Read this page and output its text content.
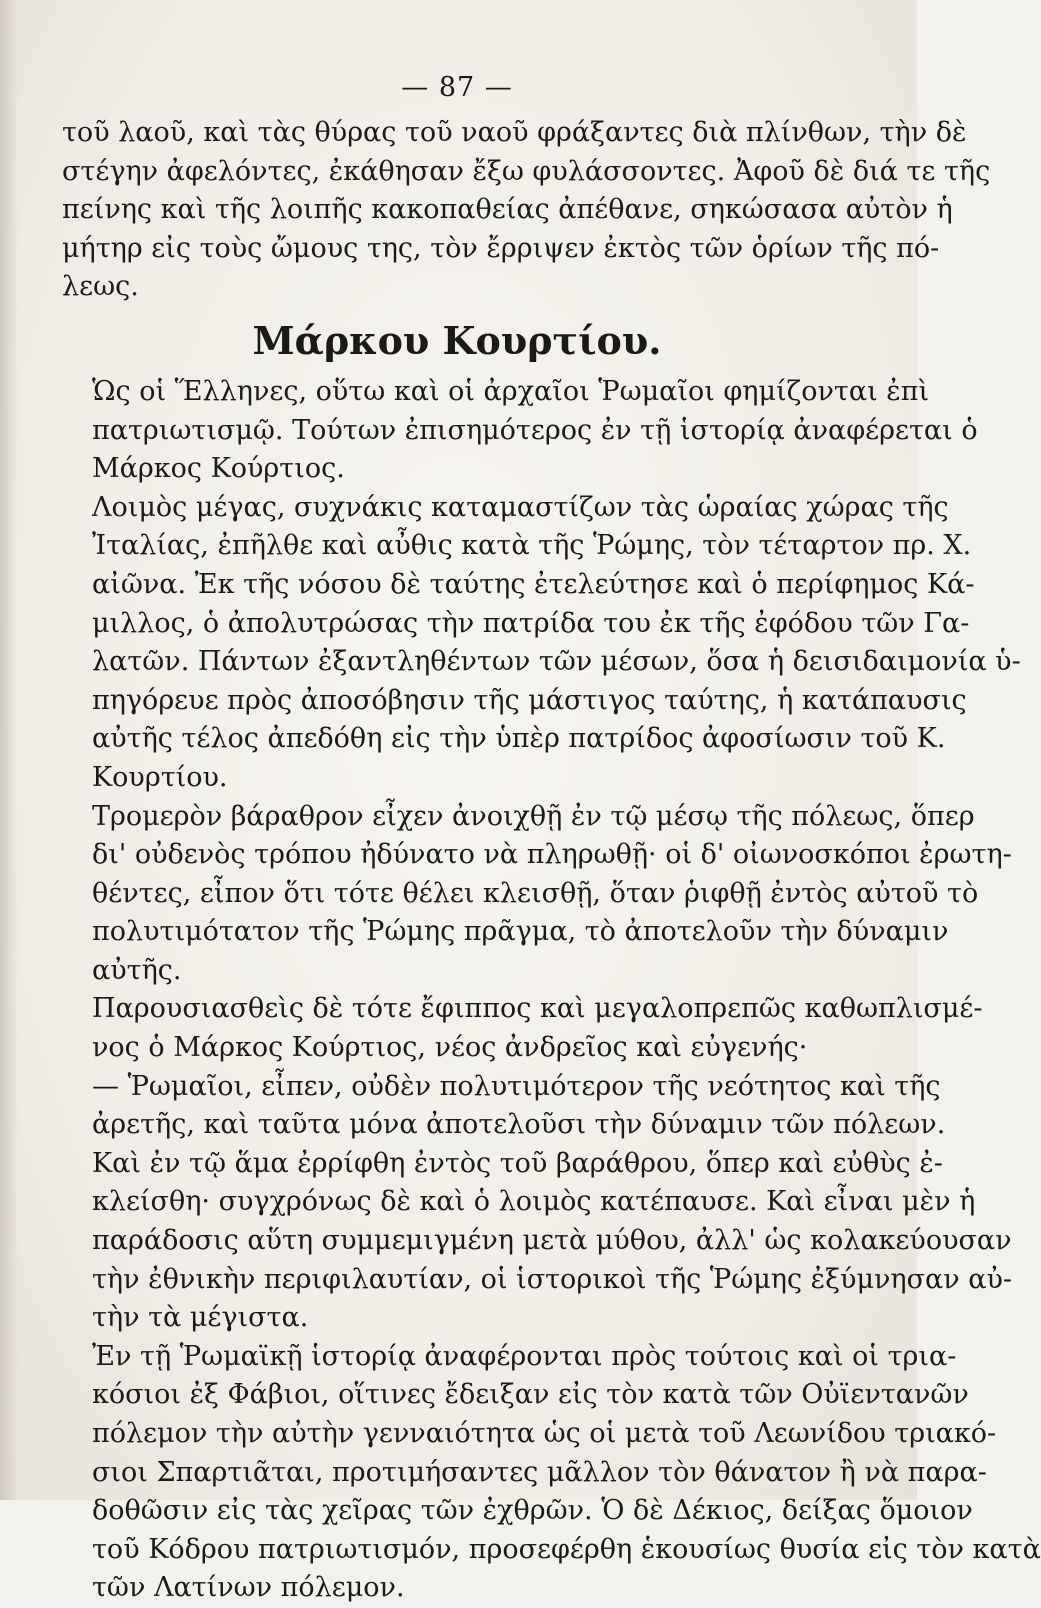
— 87 —

τοῦ λαοῦ, καὶ τὰς θύρας τοῦ ναοῦ φράξαντες διὰ πλίνθων, τὴν δὲ
στέγην ἀφελόντες, ἐκάθησαν ἔξω φυλάσσοντες. Ἀφοῦ δὲ διά τε τῆς
πείνης καὶ τῆς λοιπῆς κακοπαθείας ἀπέθανε, σηκώσασα αὐτὸν ἡ
μήτηρ εἰς τοὺς ὤμους της, τὸν ἔρριψεν ἐκτὸς τῶν ὁρίων τῆς πό-
λεως.

Μάρκου Κουρτίου.

Ὡς οἱ Ἕλληνες, οὕτω καὶ οἱ ἀρχαῖοι Ῥωμαῖοι φημίζονται ἐπὶ
πατριωτισμῷ. Τούτων ἐπισημότερος ἐν τῇ ἱστορίᾳ ἀναφέρεται ὁ
Μάρκος Κούρτιος.

Λοιμὸς μέγας, συχνάκις καταμαστίζων τὰς ὡραίας χώρας τῆς
Ἰταλίας, ἐπῆλθε καὶ αὖθις κατὰ τῆς Ῥώμης, τὸν τέταρτον πρ. Χ.
αἰῶνα. Ἐκ τῆς νόσου δὲ ταύτης ἐτελεύτησε καὶ ὁ περίφημος Κά-
μιλλος, ὁ ἀπολυτρώσας τὴν πατρίδα του ἐκ τῆς ἐφόδου τῶν Γα-
λατῶν. Πάντων ἐξαντληθέντων τῶν μέσων, ὅσα ἡ δεισιδαιμονία ὑ-
πηγόρευε πρὸς ἀποσόβησιν τῆς μάστιγος ταύτης, ἡ κατάπαυσις
αὐτῆς τέλος ἀπεδόθη εἰς τὴν ὑπὲρ πατρίδος ἀφοσίωσιν τοῦ Κ.
Κουρτίου.

Τρομερὸν βάραθρον εἶχεν ἀνοιχθῇ ἐν τῷ μέσῳ τῆς πόλεως, ὅπερ
δι' οὐδενὸς τρόπου ἠδύνατο νὰ πληρωθῇ· οἱ δ' οἰωνοσκόποι ἐρωτη-
θέντες, εἶπον ὅτι τότε θέλει κλεισθῇ, ὅταν ῥιφθῇ ἐντὸς αὐτοῦ τὸ
πολυτιμότατον τῆς Ῥώμης πρᾶγμα, τὸ ἀποτελοῦν τὴν δύναμιν
αὐτῆς.

Παρουσιασθεὶς δὲ τότε ἔφιππος καὶ μεγαλοπρεπῶς καθωπλισμέ-
νος ὁ Μάρκος Κούρτιος, νέος ἀνδρεῖος καὶ εὐγενής·

— Ῥωμαῖοι, εἶπεν, οὐδὲν πολυτιμότερον τῆς νεότητος καὶ τῆς
ἀρετῆς, καὶ ταῦτα μόνα ἀποτελοῦσι τὴν δύναμιν τῶν πόλεων.

Καὶ ἐν τῷ ἅμα ἐρρίφθη ἐντὸς τοῦ βαράθρου, ὅπερ καὶ εὐθὺς ἐ-
κλείσθη· συγχρόνως δὲ καὶ ὁ λοιμὸς κατέπαυσε. Καὶ εἶναι μὲν ἡ
παράδοσις αὕτη συμμεμιγμένη μετὰ μύθου, ἀλλ' ὡς κολακεύουσαν
τὴν ἐθνικὴν περιφιλαυτίαν, οἱ ἱστορικοὶ τῆς Ῥώμης ἐξύμνησαν αὐ-
τὴν τὰ μέγιστα.

Ἐν τῇ Ῥωμαϊκῇ ἱστορίᾳ ἀναφέρονται πρὸς τούτοις καὶ οἱ τρια-
κόσιοι ἐξ Φάβιοι, οἵτινες ἔδειξαν εἰς τὸν κατὰ τῶν Οὐϊεντανῶν
πόλεμον τὴν αὐτὴν γενναιότητα ὡς οἱ μετὰ τοῦ Λεωνίδου τριακό-
σιοι Σπαρτιᾶται, προτιμήσαντες μᾶλλον τὸν θάνατον ἢ νὰ παρα-
δοθῶσιν εἰς τὰς χεῖρας τῶν ἐχθρῶν. Ὁ δὲ Δέκιος, δείξας ὅμοιον
τοῦ Κόδρου πατριωτισμόν, προσεφέρθη ἑκουσίως θυσία εἰς τὸν κατὰ
τῶν Λατίνων πόλεμον.
